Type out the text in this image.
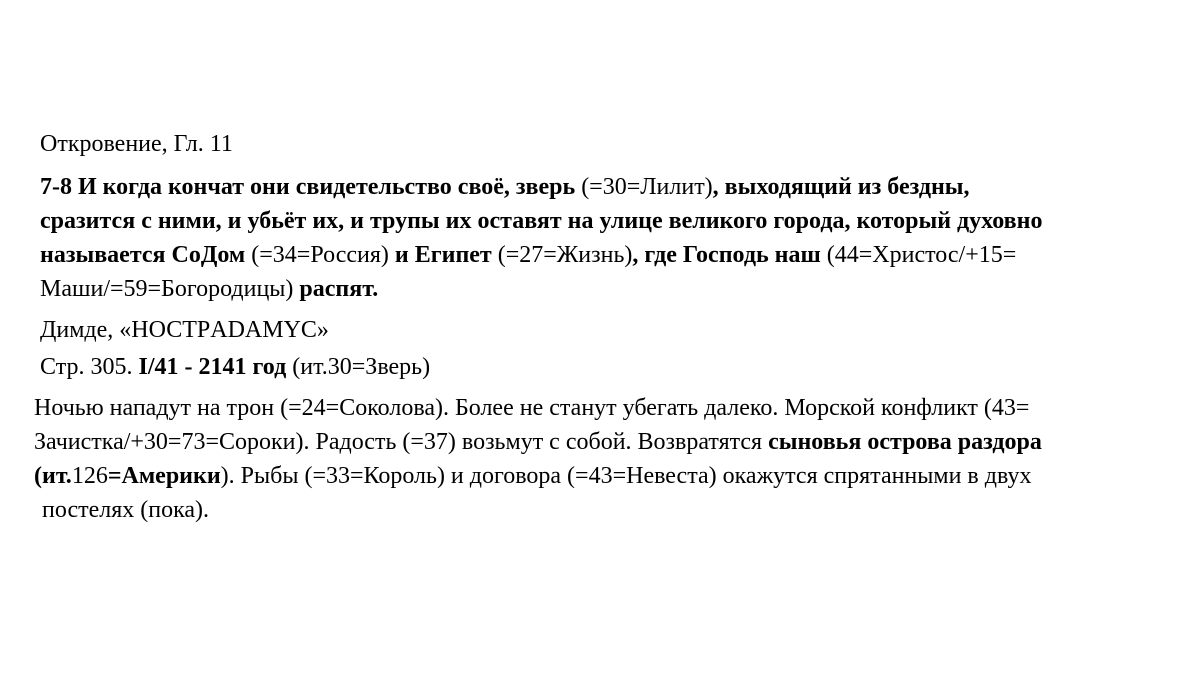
Откровение, Гл. 11

7-8 И когда кончат они свидетельство своё, зверь (=30=Лилит), выходящий из бездны,
сразится с ними, и убьёт их, и трупы их оставят на улице великого города, который духовно
называется СоДом (=34=Россия) и Египет (=27=Жизнь), где Господь наш (44=Христос/+15=
Маши/=59=Богородицы) распят.

Димде, «НОСТРADAMYC»

Стр. 305. I/41 - 2141 год (ит.30=Зверь)

Ночью нападут на трон (=24=Соколова). Более не станут убегать далеко. Морской конфликт (43=
Зачистка/+30=73=Сороки). Радость (=37) возьмут с собой. Возвратятся сыновья острова раздора
(ит.126=Америки). Рыбы (=33=Король) и договора (=43=Невеста) окажутся спрятанными в двух
постелях (пока).
